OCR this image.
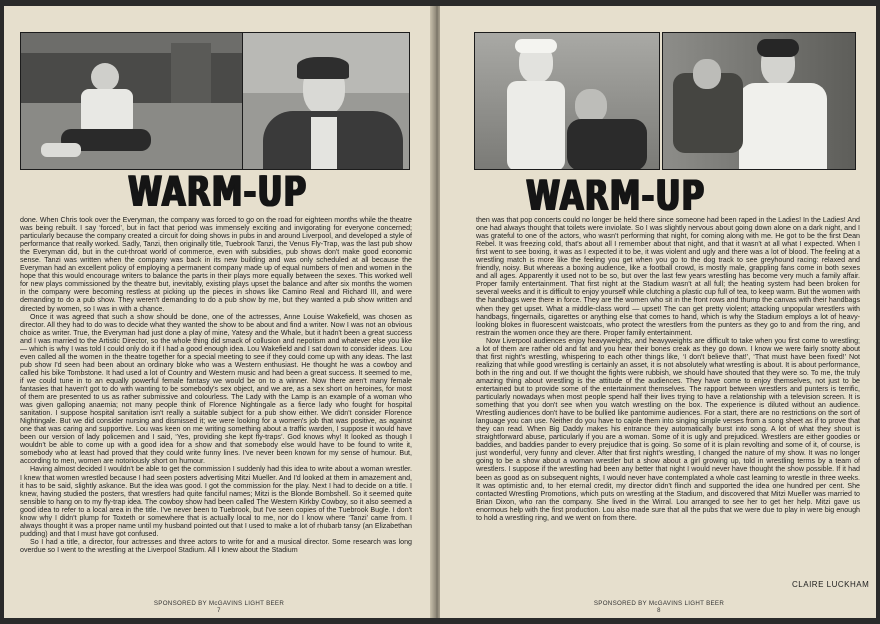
WARM-UP

done. When Chris took over the Everyman, the company was forced to go on the road for eighteen months while the theatre was being rebuilt. I say ‘forced’, but in fact that period was immensely exciting and invigorating for everyone concerned; particularly because the company created a circuit for doing shows in pubs in and around Liverpool, and developed a style of performance that really worked. Sadly, Tanzi, then originally title, Tuebrook Tanzi, the Venus Fly-Trap, was the last pub show the Everyman did, but in the cut-throat world of commerce, even with subsidies, pub shows don't make good economic sense. Tanzi was written when the company was back in its new building and was only scheduled at all because the Everyman had an excellent policy of employing a permanent company made up of equal numbers of men and women in the hope that this would encourage writers to balance the parts in their plays more equally between the sexes. This worked well for new plays commissioned by the theatre but, inevitably, existing plays upset the balance and after six months the women in the company were becoming restless at picking up the pieces in shows like Camino Real and Richard III, and were demanding to do a pub show. They weren't demanding to do a pub show by me, but they wanted a pub show written and directed by women, so I was in with a chance.

Once it was agreed that such a show should be done, one of the actresses, Anne Louise Wakefield, was chosen as director. All they had to do was to decide what they wanted the show to be about and find a writer. Now I was not an obvious choice as writer. True, the Everyman had just done a play of mine, Yatesy and the Whale, but it hadn't been a great success and I was married to the Artistic Director, so the whole thing did smack of collusion and nepotism and whatever else you like — which is why I was told I could only do it if I had a good enough idea. Lou Wakefield and I sat down to consider ideas. Lou even called all the women in the theatre together for a special meeting to see if they could come up with any ideas. The last pub show I'd seen had been about an ordinary bloke who was a Western enthusiast. He thought he was a cowboy and called his bike Tombstone. It had used a lot of Country and Western music and had been a great success. It seemed to me, if we could tune in to an equally powerful female fantasy we would be on to a winner. Now there aren't many female fantasies that haven't got to do with wanting to be somebody's sex object, and we are, as a sex short on heroines, for most of them are presented to us as rather submissive and colourless. The Lady with the Lamp is an example of a woman who was given galloping anaemia; not many people think of Florence Nightingale as a fierce lady who fought for hospital sanitation. I suppose hospital sanitation isn't really a suitable subject for a pub show either. We didn't consider Florence Nightingale. But we did consider nursing and dismissed it; we were looking for a women's job that was positive, as against one that was caring and supportive. Lou was keen on me writing something about a traffic warden, I suppose it would have been our version of lady policemen and I said, ‘Yes, providing she kept fly-traps’. God knows why! It looked as though I wouldn't be able to come up with a good idea for a show and that somebody else would have to be found to write it, somebody who at least had proved that they could write funny lines. I've never been known for my sense of humour. But, according to men, women are notoriously short on humour.

Having almost decided I wouldn't be able to get the commission I suddenly had this idea to write about a woman wrestler. I knew that women wrestled because I had seen posters advertising Mitzi Mueller. And I'd looked at them in amazement and, it has to be said, slightly askance. But the idea was good. I got the commission for the play. Next I had to decide on a title. I knew, having studied the posters, that wrestlers had quite fanciful names; Mitzi is the Blonde Bombshell. So it seemed quite sensible to hang on to my fly-trap idea. The cowboy show had been called The Western Kirkby Cowboy, so it also seemed a good idea to refer to a local area in the title. I've never been to Tuebrook, but I've seen copies of the Tuebrook Bugle. I don't know why I didn't plump for Toxteth or somewhere that is actually local to me, nor do I know where ‘Tanzi’ came from. I always thought it was a proper name until my husband pointed out that I used to make a lot of rhubarb tansy (an Elizabethan pudding) and that I must have got confused.

So I had a title, a director, four actresses and three actors to write for and a musical director. Some research was long overdue so I went to the wrestling at the Liverpool Stadium. All I knew about the Stadium

SPONSORED BY McGAVINS LIGHT BEER
7
WARM-UP

then was that pop concerts could no longer be held there since someone had been raped in the Ladies! In the Ladies! And one had always thought that toilets were inviolate. So I was slightly nervous about going down alone on a dark night, and I was grateful to one of the actors, who wasn't performing that night, for coming along with me. He got to be the first Dean Rebel. It was freezing cold, that's about all I remember about that night, and that it wasn't at all what I expected. When I first went to see boxing, it was as I expected it to be, it was violent and ugly and there was a lot of blood. The feeling at a wrestling match is more like the feeling you get when you go to the dog track to see greyhound racing: relaxed and friendly, noisy. But whereas a boxing audience, like a football crowd, is mostly male, grappling fans come in both sexes and all ages. Apparently it used not to be so, but over the last few years wrestling has become very much a family affair. Proper family entertainment. That first night at the Stadium wasn't at all full; the heating system had been broken for several weeks and it is difficult to enjoy yourself while clutching a plastic cup full of tea, to keep warm. But the women with the handbags were there in force. They are the women who sit in the front rows and thump the canvas with their handbags when they get upset. What a middle-class word — upset! The can get pretty violent; attacking unpopular wrestlers with handbags, fingernails, cigarettes or anything else that comes to hand, which is why the Stadium employs a lot of heavy-looking blokes in fluorescent waistcoats, who protect the wrestlers from the punters as they go to and from the ring, and restrain the women once they are there. Proper family entertainment.

Now Liverpool audiences enjoy heavyweights, and heavyweights are difficult to take when you first come to wrestling; a lot of them are rather old and fat and you hear their bones creak as they go down. I know we were fairly snotty about that first night's wrestling, whispering to each other things like, ‘I don't believe that!’, ‘That must have been fixed!’ Not realizing that while good wrestling is certainly an asset, it is not absolutely what wrestling is about. It is about performance, both in the ring and out. If we thought the fights were rubbish, we should have shouted that they were so. To me, the truly amazing thing about wrestling is the attitude of the audiences. They have come to enjoy themselves, not just to be entertained but to provide some of the entertainment themselves. The rapport between wrestlers and punters is terrific, particularly nowadays when most people spend half their lives trying to have a relationship with a television screen. It is something that you don't see when you watch wrestling on the box. The experience is diluted without an audience. Wrestling audiences don't have to be bullied like pantomime audiences. For a start, there are no restrictions on the sort of language you can use. Neither do you have to cajole them into singing simple verses from a song sheet as if to prove that they can read. When Big Daddy makes his entrance they automatically burst into song. A lot of what they shout is straightforward abuse, particularly if you are a woman. Some of it is ugly and prejudiced. Wrestlers are either goodies or baddies, and baddies pander to every prejudice that is going. So some of it is plain revolting and some of it, of course, is just wonderful, very funny and clever. After that first night's wrestling, I changed the nature of my show. It was no longer going to be a show about a woman wrestler but a show about a girl growing up, told in wrestling terms by a team of wrestlers. I suppose if the wrestling had been any better that night I would never have thought the show possible. If it had been as good as on subsequent nights, I would never have contemplated a whole cast learning to wrestle in three weeks. It was optimistic and, to her eternal credit, my director didn't flinch and supported the idea one hundred per cent. She contacted Wrestling Promotions, which puts on wrestling at the Stadium, and discovered that Mitzi Mueller was married to Brian Dixon, who ran the company. She lived in the Wirral. Lou arranged to see her to get her help. Mitzi gave us enormous help with the first production. Lou also made sure that all the pubs that we were due to play in were big enough to hold a wrestling ring, and we went on from there.

CLAIRE LUCKHAM
SPONSORED BY McGAVINS LIGHT BEER
8
